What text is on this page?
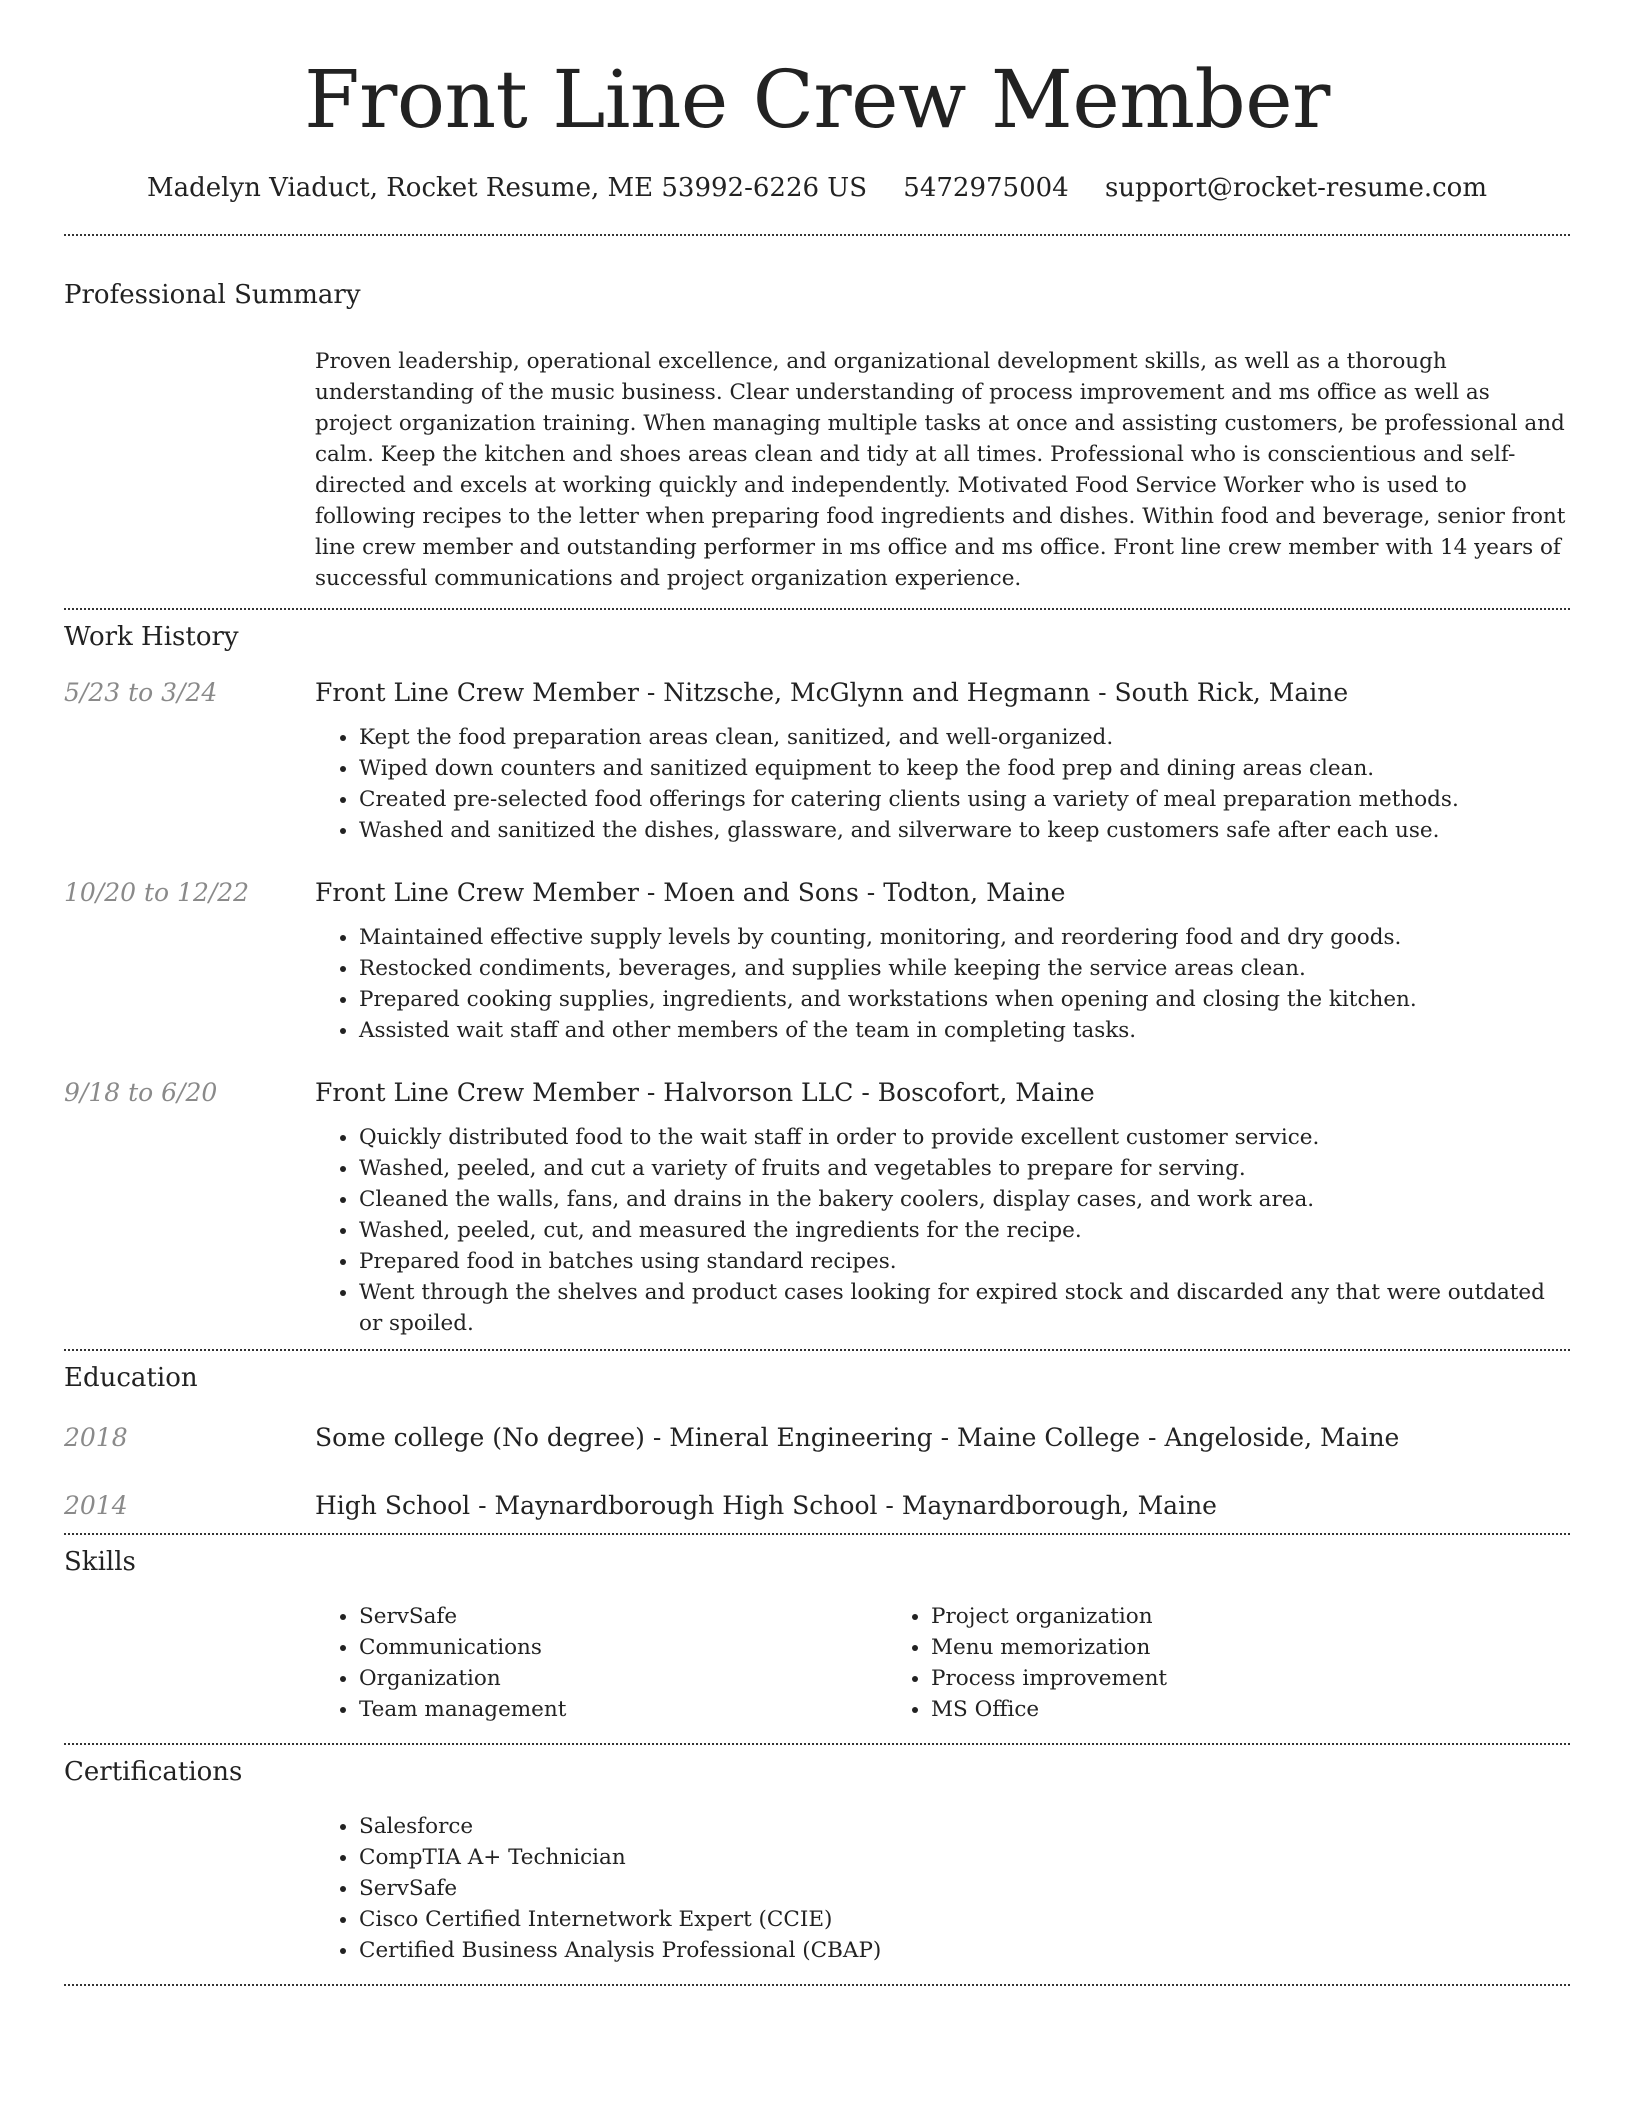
Front Line Crew Member
Madelyn Viaduct, Rocket Resume, ME 53992-6226 US 5472975004 support@rocket-resume.com
Professional Summary

Proven leadership, operational excellence, and organizational development skills, as well as a thorough understanding of the music business. Clear understanding of process improvement and ms office as well as project organization training. When managing multiple tasks at once and assisting customers, be professional and calm. Keep the kitchen and shoes areas clean and tidy at all times. Professional who is conscientious and self-directed and excels at working quickly and independently. Motivated Food Service Worker who is used to following recipes to the letter when preparing food ingredients and dishes. Within food and beverage, senior front line crew member and outstanding performer in ms office and ms office. Front line crew member with 14 years of successful communications and project organization experience.

Work History
5/23 to 3/24	Front Line Crew Member - Nitzsche, McGlynn and Hegmann - South Rick, Maine
• Kept the food preparation areas clean, sanitized, and well-organized.
• Wiped down counters and sanitized equipment to keep the food prep and dining areas clean.
• Created pre-selected food offerings for catering clients using a variety of meal preparation methods.
• Washed and sanitized the dishes, glassware, and silverware to keep customers safe after each use.
10/20 to 12/22	Front Line Crew Member - Moen and Sons - Todton, Maine
• Maintained effective supply levels by counting, monitoring, and reordering food and dry goods.
• Restocked condiments, beverages, and supplies while keeping the service areas clean.
• Prepared cooking supplies, ingredients, and workstations when opening and closing the kitchen.
• Assisted wait staff and other members of the team in completing tasks.
9/18 to 6/20	Front Line Crew Member - Halvorson LLC - Boscofort, Maine
• Quickly distributed food to the wait staff in order to provide excellent customer service.
• Washed, peeled, and cut a variety of fruits and vegetables to prepare for serving.
• Cleaned the walls, fans, and drains in the bakery coolers, display cases, and work area.
• Washed, peeled, cut, and measured the ingredients for the recipe.
• Prepared food in batches using standard recipes.
• Went through the shelves and product cases looking for expired stock and discarded any that were outdated or spoiled.
Education
2018	Some college (No degree) - Mineral Engineering - Maine College - Angeloside, Maine
2014	High School - Maynardborough High School - Maynardborough, Maine
Skills
• ServSafe
• Communications
• Organization
• Team management
• Project organization
• Menu memorization
• Process improvement
• MS Office
Certifications
• Salesforce
• CompTIA A+ Technician
• ServSafe
• Cisco Certified Internetwork Expert (CCIE)
• Certified Business Analysis Professional (CBAP)
